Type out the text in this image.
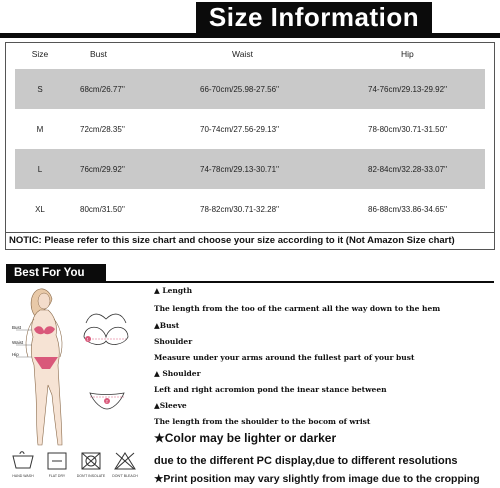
Size Information
Size	Bust	Waist	Hip
S	68cm/26.77''	66-70cm/25.98-27.56''	74-76cm/29.13-29.92''
M	72cm/28.35''	70-74cm/27.56-29.13''	78-80cm/30.71-31.50''
L	76cm/29.92''	74-78cm/29.13-30.71''	82-84cm/32.28-33.07''
XL	80cm/31.50''	78-82cm/30.71-32.28''	86-88cm/33.86-34.65''
NOTIC: Please refer to this size chart and choose your size according to it (Not Amazon Size chart)
Best For You
Bust
Waist
Hip
1
2
HAND WASH	FLAT DRY	DON'T INSOLATE	DON'T BLEACH
▲ Length
The length from the too of the carment all the way down to the hem
▲Bust
Shoulder
Measure under your arms around the fullest part of your bust
▲ Shoulder
Left and right acromion pond the inear stance between
▲Sleeve
The length from the shoulder to the bocom of wrist
★Color may be lighter or darker
due to the different PC display,due to different resolutions
★Print position may vary slightly from image due to the cropping
